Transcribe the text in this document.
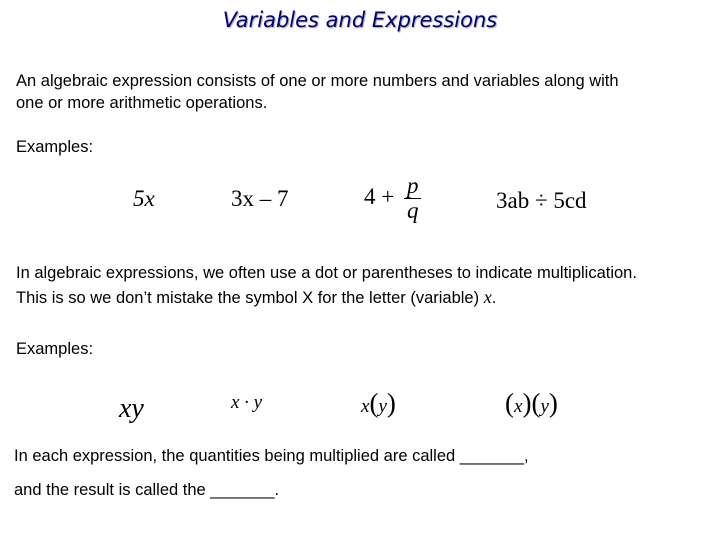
Variables and Expressions
An algebraic expression consists of one or more numbers and variables along with
one or more arithmetic operations.
Examples:
5x	3x – 7	$4 + \frac{p}{q}$	3ab ÷ 5cd
In algebraic expressions, we often use a dot or parentheses to indicate multiplication.
This is so we don’t mistake the symbol X for the letter (variable) x.
Examples:
xy	x · y	x(y)	(x)(y)
In each expression, the quantities being multiplied are called _______,
and the result is called the _______.
